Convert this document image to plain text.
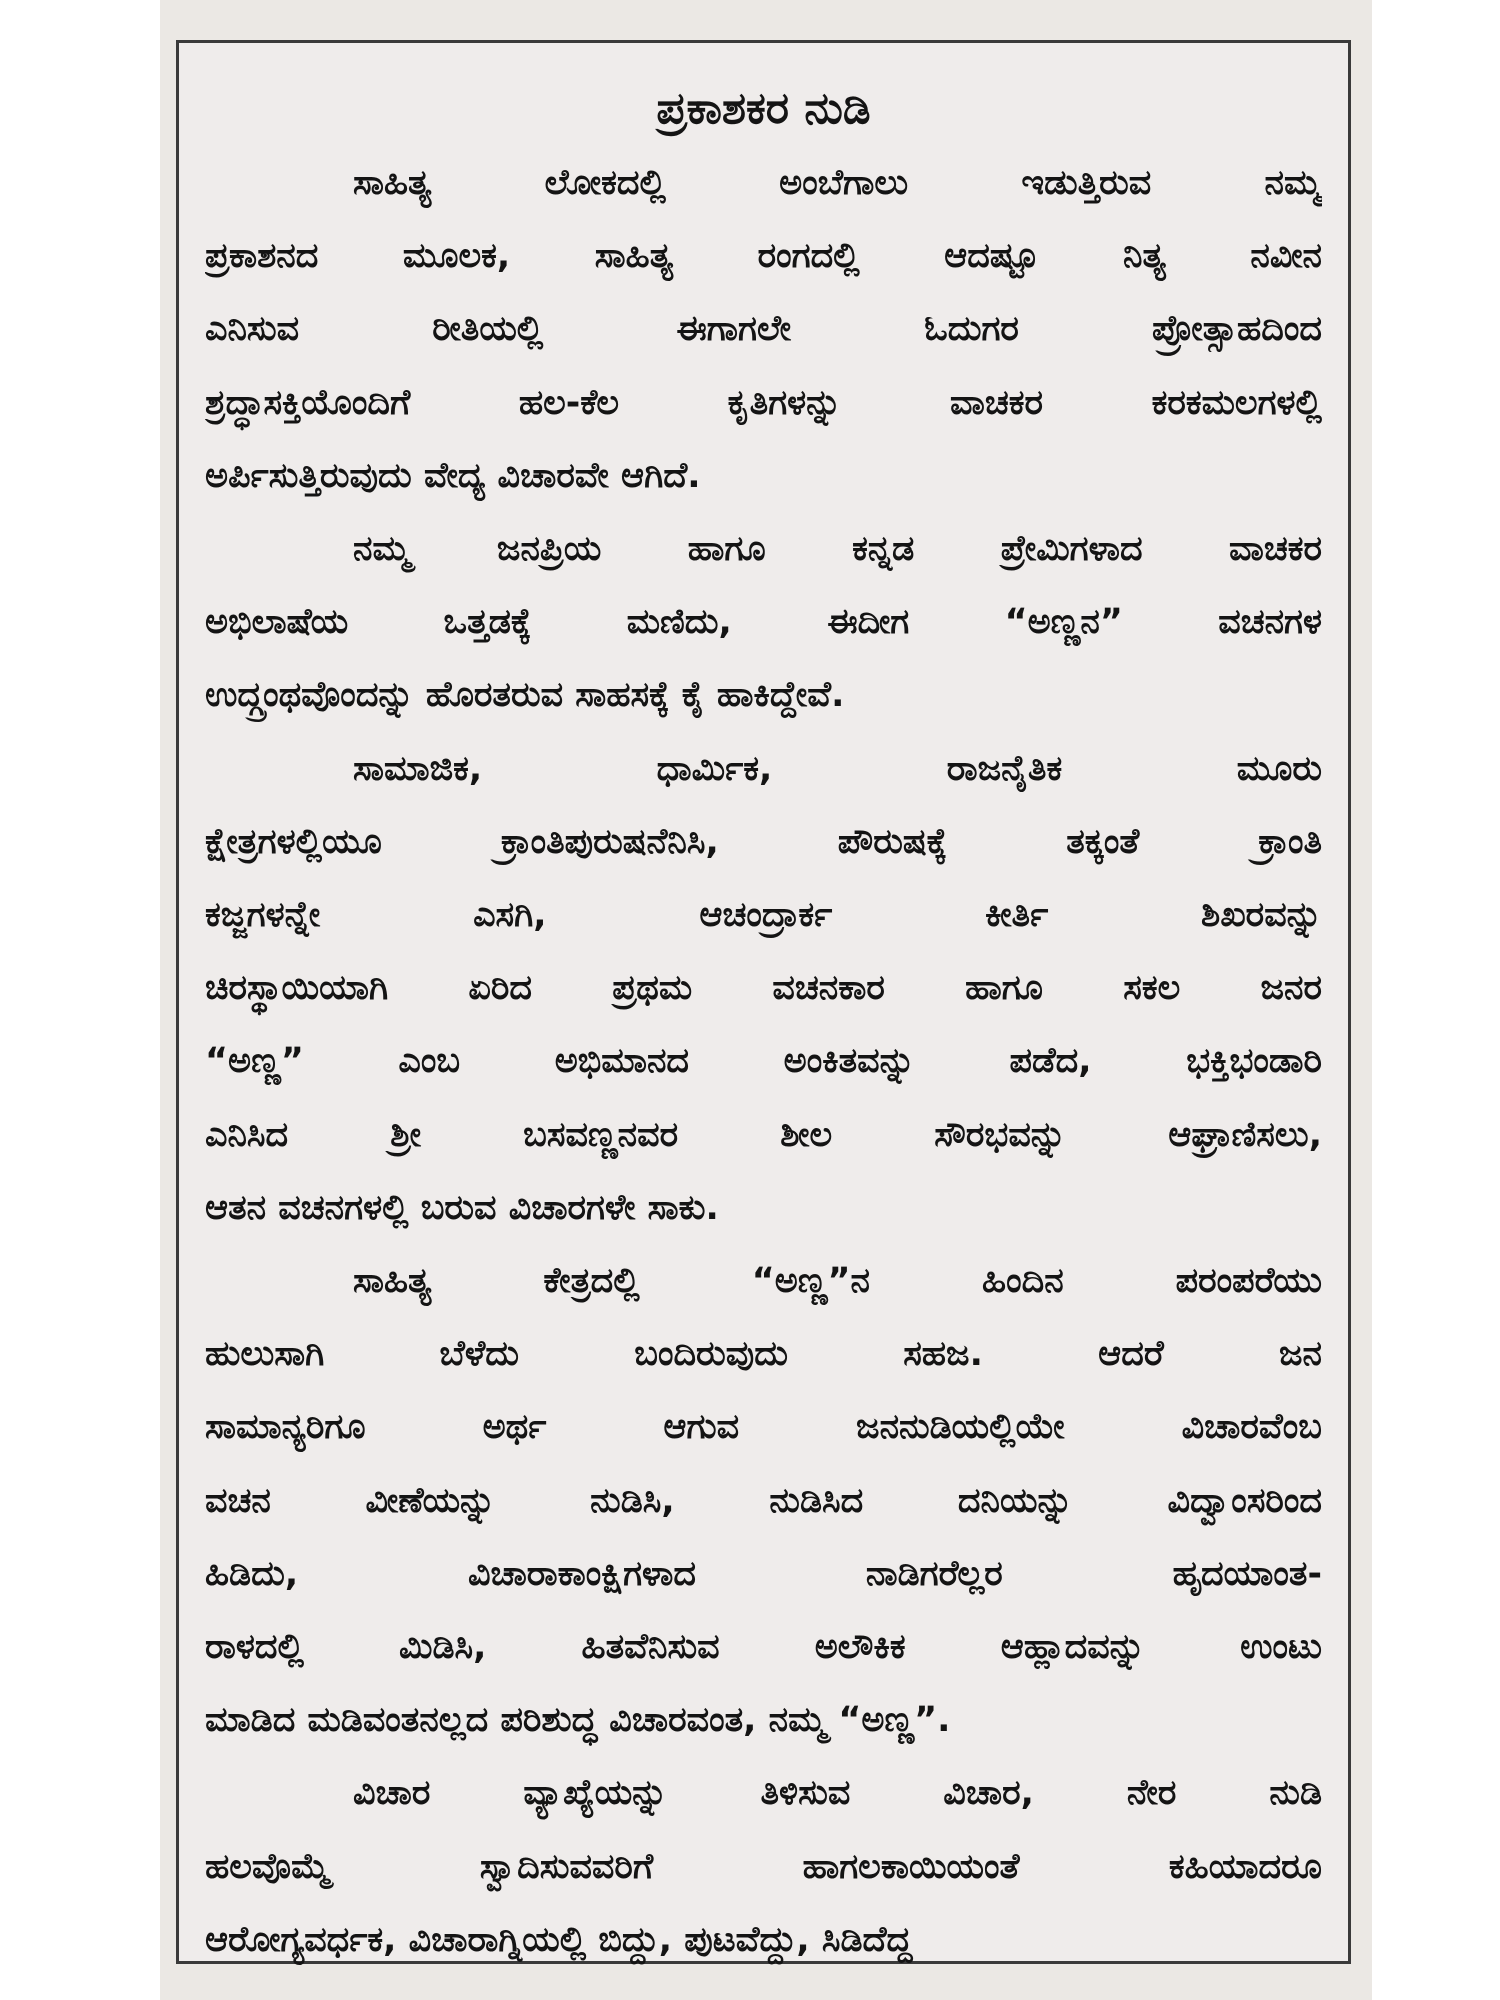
ಪ್ರಕಾಶಕರ ನುಡಿ

ಸಾಹಿತ್ಯ ಲೋಕದಲ್ಲಿ ಅಂಬೆಗಾಲು ಇಡುತ್ತಿರುವ ನಮ್ಮ
ಪ್ರಕಾಶನದ ಮೂಲಕ, ಸಾಹಿತ್ಯ ರಂಗದಲ್ಲಿ ಆದಷ್ಟೂ ನಿತ್ಯ ನವೀನ
ಎನಿಸುವ ರೀತಿಯಲ್ಲಿ ಈಗಾಗಲೇ ಓದುಗರ ಪ್ರೋತ್ಸಾಹದಿಂದ
ಶ್ರದ್ಧಾಸಕ್ತಿಯೊಂದಿಗೆ ಹಲ-ಕೆಲ ಕೃತಿಗಳನ್ನು ವಾಚಕರ ಕರಕಮಲಗಳಲ್ಲಿ
ಅರ್ಪಿಸುತ್ತಿರುವುದು ವೇದ್ಯ ವಿಚಾರವೇ ಆಗಿದೆ.

ನಮ್ಮ ಜನಪ್ರಿಯ ಹಾಗೂ ಕನ್ನಡ ಪ್ರೇಮಿಗಳಾದ ವಾಚಕರ
ಅಭಿಲಾಷೆಯ ಒತ್ತಡಕ್ಕೆ ಮಣಿದು, ಈದೀಗ “ಅಣ್ಣನ” ವಚನಗಳ
ಉದ್ಗ್ರಂಥವೊಂದನ್ನು ಹೊರತರುವ ಸಾಹಸಕ್ಕೆ ಕೈ ಹಾಕಿದ್ದೇವೆ.

ಸಾಮಾಜಿಕ, ಧಾರ್ಮಿಕ, ರಾಜನೈತಿಕ ಮೂರು
ಕ್ಷೇತ್ರಗಳಲ್ಲಿಯೂ ಕ್ರಾಂತಿಪುರುಷನೆನಿಸಿ, ಪೌರುಷಕ್ಕೆ ತಕ್ಕಂತೆ ಕ್ರಾಂತಿ
ಕಜ್ಜಗಳನ್ನೇ ಎಸಗಿ, ಆಚಂದ್ರಾರ್ಕ ಕೀರ್ತಿ ಶಿಖರವನ್ನು
ಚಿರಸ್ಥಾಯಿಯಾಗಿ ಏರಿದ ಪ್ರಥಮ ವಚನಕಾರ ಹಾಗೂ ಸಕಲ ಜನರ
“ಅಣ್ಣ” ಎಂಬ ಅಭಿಮಾನದ ಅಂಕಿತವನ್ನು ಪಡೆದ, ಭಕ್ತಿಭಂಡಾರಿ
ಎನಿಸಿದ ಶ್ರೀ ಬಸವಣ್ಣನವರ ಶೀಲ ಸೌರಭವನ್ನು ಆಘ್ರಾಣಿಸಲು,
ಆತನ ವಚನಗಳಲ್ಲಿ ಬರುವ ವಿಚಾರಗಳೇ ಸಾಕು.

ಸಾಹಿತ್ಯ ಕೇತ್ರದಲ್ಲಿ “ಅಣ್ಣ”ನ ಹಿಂದಿನ ಪರಂಪರೆಯು
ಹುಲುಸಾಗಿ ಬೆಳೆದು ಬಂದಿರುವುದು ಸಹಜ. ಆದರೆ ಜನ
ಸಾಮಾನ್ಯರಿಗೂ ಅರ್ಥ ಆಗುವ ಜನನುಡಿಯಲ್ಲಿಯೇ ವಿಚಾರವೆಂಬ
ವಚನ ವೀಣೆಯನ್ನು ನುಡಿಸಿ, ನುಡಿಸಿದ ದನಿಯನ್ನು ವಿದ್ವಾಂಸರಿಂದ
ಹಿಡಿದು, ವಿಚಾರಾಕಾಂಕ್ಷಿಗಳಾದ ನಾಡಿಗರೆಲ್ಲರ ಹೃದಯಾಂತ-
ರಾಳದಲ್ಲಿ ಮಿಡಿಸಿ, ಹಿತವೆನಿಸುವ ಅಲೌಕಿಕ ಆಹ್ಲಾದವನ್ನು ಉಂಟು
ಮಾಡಿದ ಮಡಿವಂತನಲ್ಲದ ಪರಿಶುದ್ಧ ವಿಚಾರವಂತ, ನಮ್ಮ “ಅಣ್ಣ”.

ವಿಚಾರ ವ್ಯಾಖ್ಯೆಯನ್ನು ತಿಳಿಸುವ ವಿಚಾರ, ನೇರ ನುಡಿ
ಹಲವೊಮ್ಮೆ ಸ್ವಾದಿಸುವವರಿಗೆ ಹಾಗಲಕಾಯಿಯಂತೆ ಕಹಿಯಾದರೂ
ಆರೋಗ್ಯವರ್ಧಕ, ವಿಚಾರಾಗ್ನಿಯಲ್ಲಿ ಬಿದ್ದು, ಪುಟವೆದ್ದು, ಸಿಡಿದೆದ್ದ
